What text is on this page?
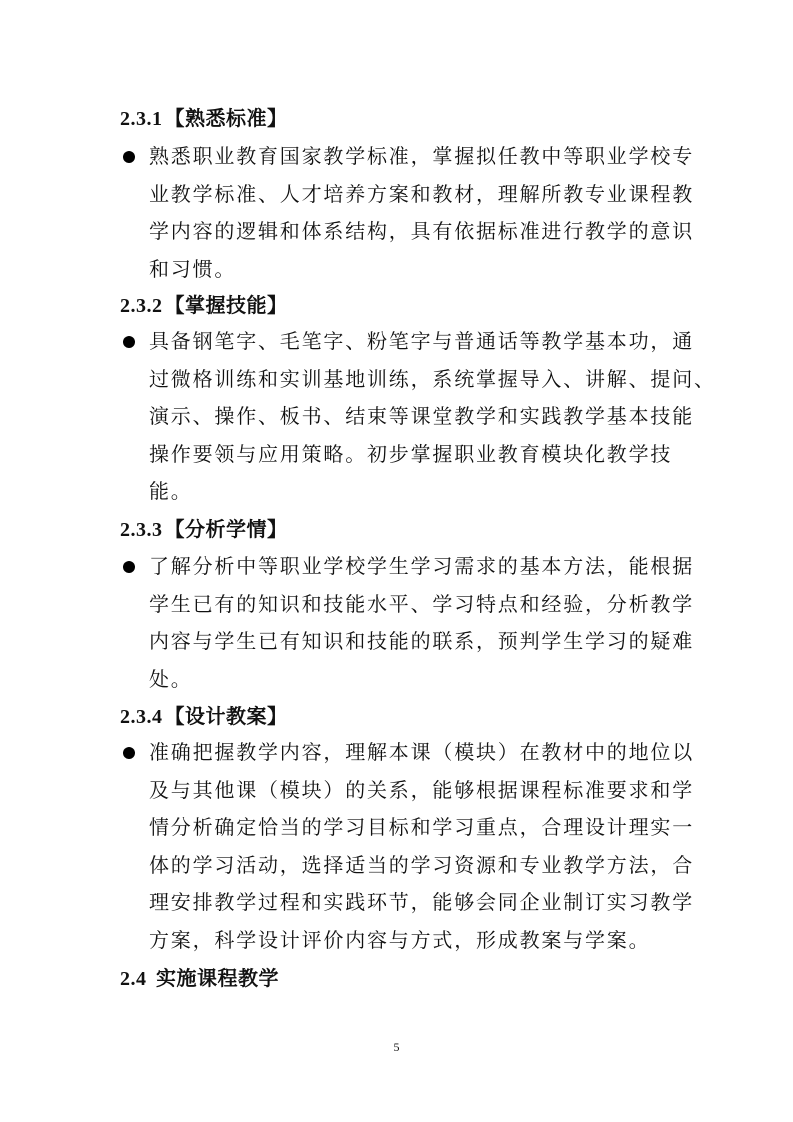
2.3.1 【熟悉标准】
熟悉职业教育国家教学标准，掌握拟任教中等职业学校专
业教学标准、人才培养方案和教材，理解所教专业课程教
学内容的逻辑和体系结构，具有依据标准进行教学的意识
和习惯。
2.3.2 【掌握技能】
具备钢笔字、毛笔字、粉笔字与普通话等教学基本功，通
过微格训练和实训基地训练，系统掌握导入、讲解、提问、
演示、操作、板书、结束等课堂教学和实践教学基本技能
操作要领与应用策略。初步掌握职业教育模块化教学技
能。
2.3.3 【分析学情】
了解分析中等职业学校学生学习需求的基本方法，能根据
学生已有的知识和技能水平、学习特点和经验，分析教学
内容与学生已有知识和技能的联系，预判学生学习的疑难
处。
2.3.4 【设计教案】
准确把握教学内容，理解本课（模块）在教材中的地位以
及与其他课（模块）的关系，能够根据课程标准要求和学
情分析确定恰当的学习目标和学习重点，合理设计理实一
体的学习活动，选择适当的学习资源和专业教学方法，合
理安排教学过程和实践环节，能够会同企业制订实习教学
方案，科学设计评价内容与方式，形成教案与学案。
2.4 实施课程教学
5
